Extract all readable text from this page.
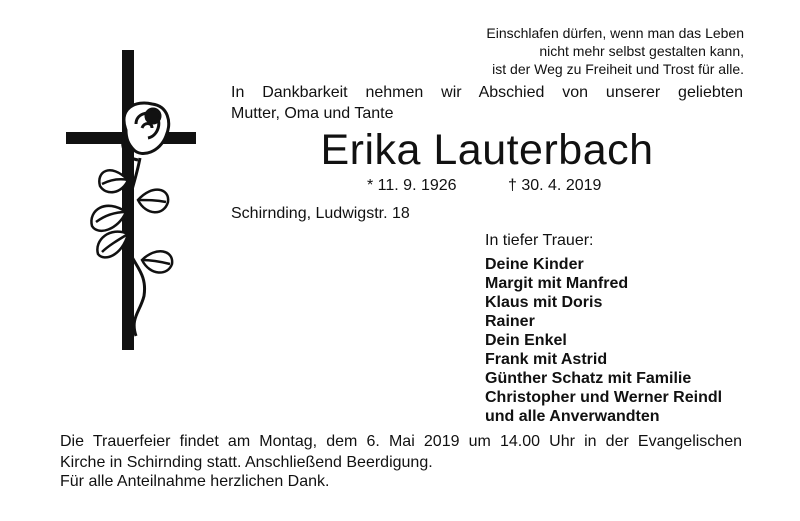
Einschlafen dürfen, wenn man das Leben
nicht mehr selbst gestalten kann,
ist der Weg zu Freiheit und Trost für alle.
In Dankbarkeit nehmen wir Abschied von unserer geliebten
Mutter, Oma und Tante
Erika Lauterbach
* 11. 9. 1926	† 30. 4. 2019
Schirnding, Ludwigstr. 18
In tiefer Trauer:
Deine Kinder
Margit mit Manfred
Klaus mit Doris
Rainer
Dein Enkel
Frank mit Astrid
Günther Schatz mit Familie
Christopher und Werner Reindl
und alle Anverwandten
Die Trauerfeier findet am Montag, dem 6. Mai 2019 um 14.00 Uhr in der Evangelischen
Kirche in Schirnding statt. Anschließend Beerdigung.
Für alle Anteilnahme herzlichen Dank.
